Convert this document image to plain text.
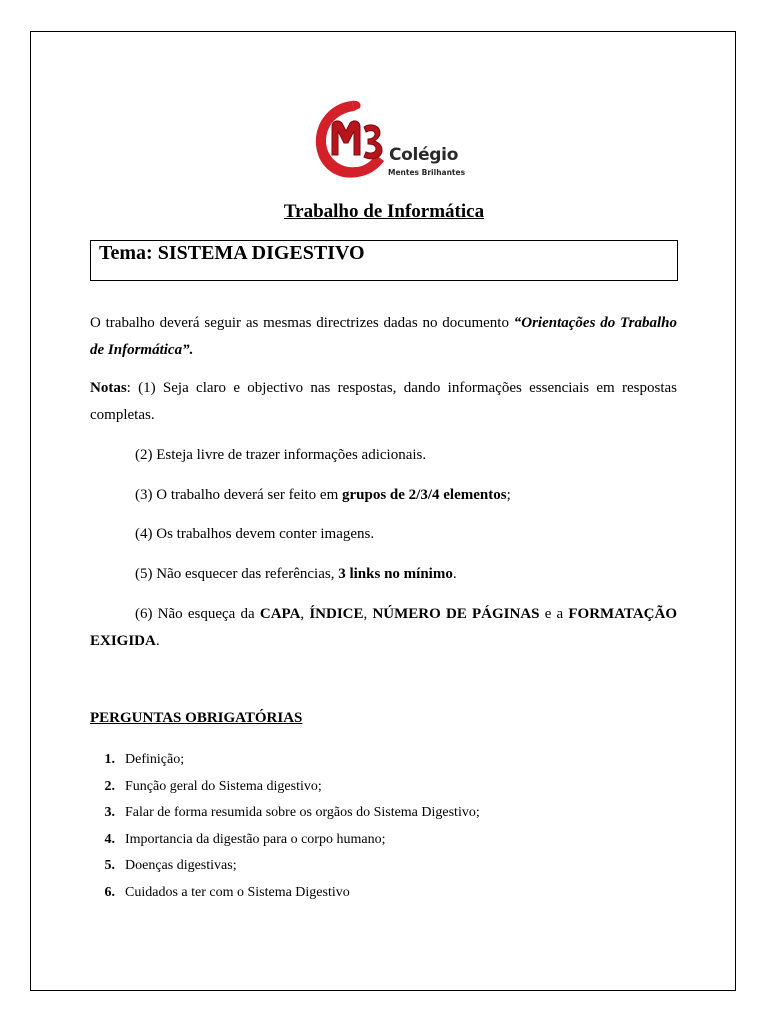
Colégio
Mentes Brilhantes
Trabalho de Informática
Tema: SISTEMA DIGESTIVO
O trabalho deverá seguir as mesmas directrizes dadas no documento “Orientações do Trabalho de Informática”.
Notas: (1) Seja claro e objectivo nas respostas, dando informações essenciais em respostas completas.
(2) Esteja livre de trazer informações adicionais.
(3) O trabalho deverá ser feito em grupos de 2/3/4 elementos;
(4) Os trabalhos devem conter imagens.
(5) Não esquecer das referências, 3 links no mínimo.
(6) Não esqueça da CAPA, ÍNDICE, NÚMERO DE PÁGINAS e a FORMATAÇÃO EXIGIDA.
PERGUNTAS OBRIGATÓRIAS
1. Definição;
2. Função geral do Sistema digestivo;
3. Falar de forma resumida sobre os orgãos do Sistema Digestivo;
4. Importancia da digestão para o corpo humano;
5. Doenças digestivas;
6. Cuidados a ter com o Sistema Digestivo
